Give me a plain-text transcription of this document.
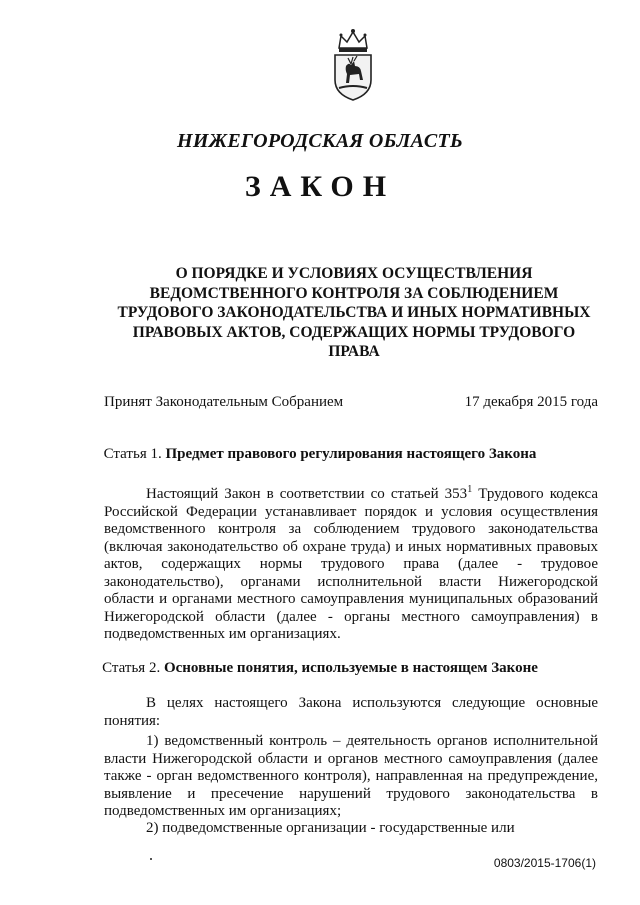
НИЖЕГОРОДСКАЯ ОБЛАСТЬ
ЗАКОН
О ПОРЯДКЕ И УСЛОВИЯХ ОСУЩЕСТВЛЕНИЯ
ВЕДОМСТВЕННОГО КОНТРОЛЯ ЗА СОБЛЮДЕНИЕМ
ТРУДОВОГО ЗАКОНОДАТЕЛЬСТВА И ИНЫХ НОРМАТИВНЫХ
ПРАВОВЫХ АКТОВ, СОДЕРЖАЩИХ НОРМЫ ТРУДОВОГО
ПРАВА
Принят Законодательным Собранием	17 декабря 2015 года
Статья 1. Предмет правового регулирования настоящего Закона

Настоящий Закон в соответствии со статьей $353^1$ Трудового кодекса Российской Федерации устанавливает порядок и условия осуществления ведомственного контроля за соблюдением трудового законодательства (включая законодательство об охране труда) и иных нормативных правовых актов, содержащих нормы трудового права (далее - трудовое законодательство), органами исполнительной власти Нижегородской области и органами местного самоуправления муниципальных образований Нижегородской области (далее - органы местного самоуправления) в подведомственных им организациях.

Статья 2. Основные понятия, используемые в настоящем Законе

В целях настоящего Закона используются следующие основные понятия:

1) ведомственный контроль – деятельность органов исполнительной власти Нижегородской области и органов местного самоуправления (далее также - орган ведомственного контроля), направленная на предупреждение, выявление и пресечение нарушений трудового законодательства в подведомственных им организациях;

2) подведомственные организации - государственные или

0803/2015-1706(1)
